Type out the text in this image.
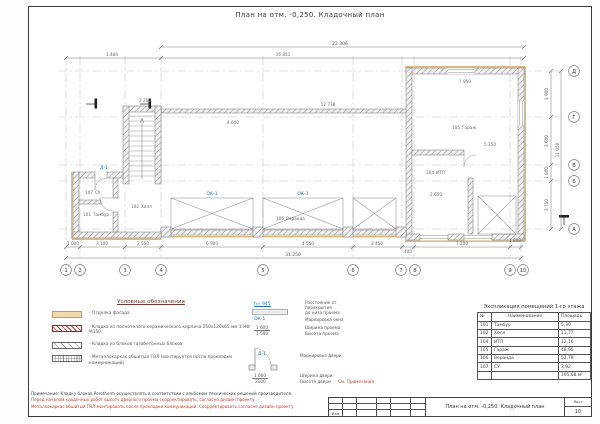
План на отм. -0,250. Кладочный план
22 306
1 484	16 851
1 900
3 600
1 800
3 750
11 050
1 000	3 100	2 550	6 900	4 550	3 450
400
7 200
1 800
31 250
1 2	3	4	5	6	7 8	9 10
Д
Г
В
Б
А
2 200
12 738
4 600
7 950
5 350
2 650
101 Тамбур
102 Холл
104 ИТП
105 Гараж
106 Веранда
107 СУ	ОК-1	ОК-1
Д-1
Условные обозначения
- Отделка фасада
- Кладка из полнотелого керамического кирпича 250х120х65 мм 1 НФ М150
- Кладка из блоков газобетонных блоков
- Металлокаркас обшитый ГВЛ (монтируется после прокладки коммуникаций)
h= 945	Расстояние от
перекрытия
до низа проема
ОК-1	Маркировка окна
1 600	Ширина проема
1 500	Высота проема
Д-1	Маркировка двери
1 000	Ширина двери
2100	Высота двери См. Примечания
Экспликация помещений 1-го этажа		
№	Наименование	Площадь
101	Тамбур	5,39
102	Холл	11,77
104	ИТП	12,16
105	Гараж	48,95
106	Веранда	53,79
107	СУ	3,92
		195,68 м²
Примечание: Кладку блоков Porotherm осуществлять в соответствии с альбомом технических решений производителя.
Перед началом кладочных работ высоту дверного проема скорректировать, согласно дизайн проекту.
Металлокаркас обшитый ГВЛ монтировать после прокладки коммуникаций. Скорректировать согласно дизайн проекту.
Изм
План на отм. -0,250. Кладочный план
Лист
10
